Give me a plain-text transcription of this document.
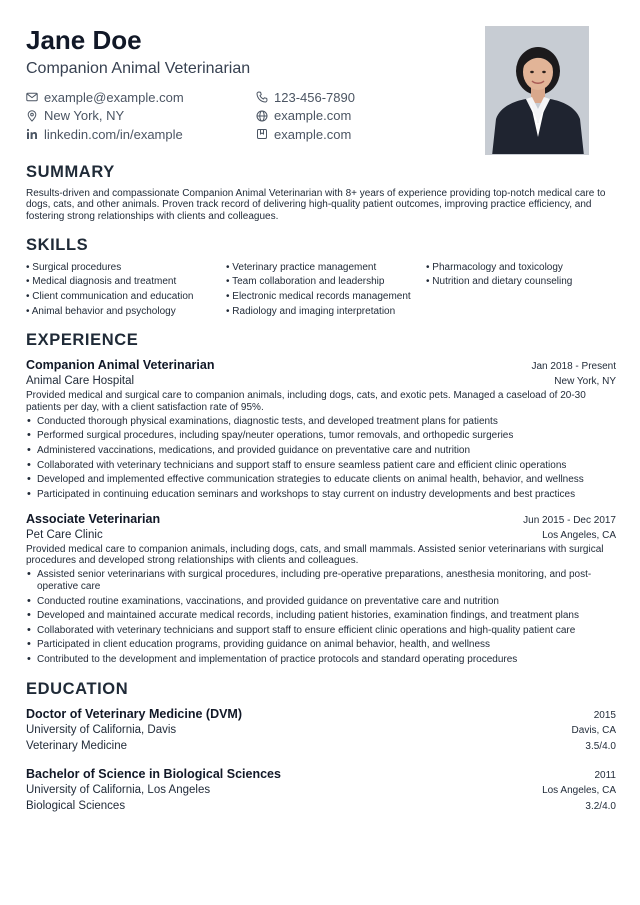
Jane Doe
Companion Animal Veterinarian
example@example.com	123-456-7890
New York, NY	example.com
linkedin.com/in/example	example.com
SUMMARY
Results-driven and compassionate Companion Animal Veterinarian with 8+ years of experience providing top-notch medical care to dogs, cats, and other animals. Proven track record of delivering high-quality patient outcomes, improving practice efficiency, and fostering strong relationships with clients and colleagues.
SKILLS
• Surgical procedures	• Veterinary practice management	• Pharmacology and toxicology
• Medical diagnosis and treatment	• Team collaboration and leadership	• Nutrition and dietary counseling
• Client communication and education	• Electronic medical records management
• Animal behavior and psychology	• Radiology and imaging interpretation
EXPERIENCE
Companion Animal Veterinarian	Jan 2018 - Present
Animal Care Hospital	New York, NY
Provided medical and surgical care to companion animals, including dogs, cats, and exotic pets. Managed a caseload of 20-30 patients per day, with a client satisfaction rate of 95%.
• Conducted thorough physical examinations, diagnostic tests, and developed treatment plans for patients
• Performed surgical procedures, including spay/neuter operations, tumor removals, and orthopedic surgeries
• Administered vaccinations, medications, and provided guidance on preventative care and nutrition
• Collaborated with veterinary technicians and support staff to ensure seamless patient care and efficient clinic operations
• Developed and implemented effective communication strategies to educate clients on animal health, behavior, and wellness
• Participated in continuing education seminars and workshops to stay current on industry developments and best practices
Associate Veterinarian	Jun 2015 - Dec 2017
Pet Care Clinic	Los Angeles, CA
Provided medical care to companion animals, including dogs, cats, and small mammals. Assisted senior veterinarians with surgical procedures and developed strong relationships with clients and colleagues.
• Assisted senior veterinarians with surgical procedures, including pre-operative preparations, anesthesia monitoring, and post-operative care
• Conducted routine examinations, vaccinations, and provided guidance on preventative care and nutrition
• Developed and maintained accurate medical records, including patient histories, examination findings, and treatment plans
• Collaborated with veterinary technicians and support staff to ensure efficient clinic operations and high-quality patient care
• Participated in client education programs, providing guidance on animal behavior, health, and wellness
• Contributed to the development and implementation of practice protocols and standard operating procedures
EDUCATION
Doctor of Veterinary Medicine (DVM)	2015
University of California, Davis	Davis, CA
Veterinary Medicine	3.5/4.0
Bachelor of Science in Biological Sciences	2011
University of California, Los Angeles	Los Angeles, CA
Biological Sciences	3.2/4.0
